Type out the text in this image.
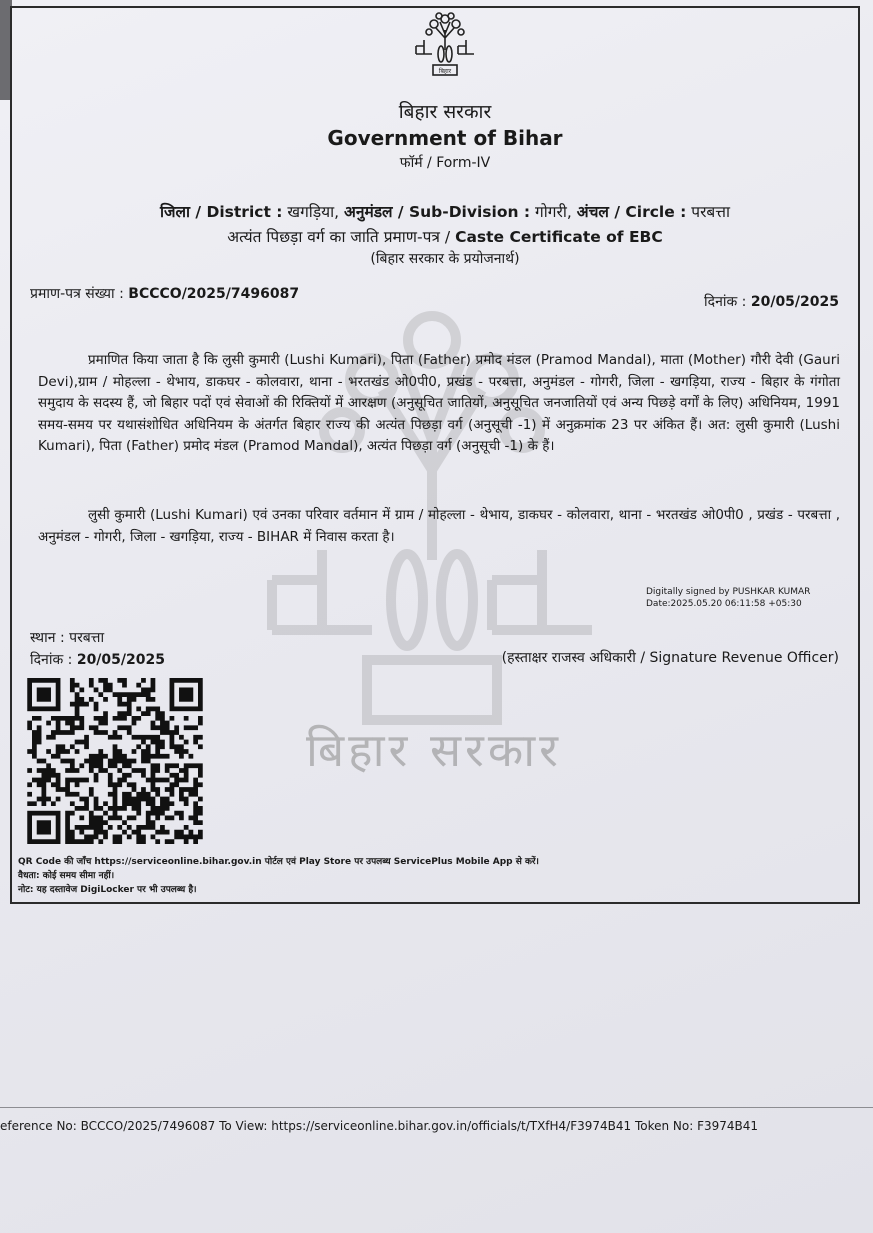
बिहार
बिहार सरकार
बिहार सरकार
Government of Bihar
फॉर्म / Form-IV
जिला / District : खगड़िया, अनुमंडल / Sub-Division : गोगरी, अंचल / Circle : परबत्ता
अत्यंत पिछड़ा वर्ग का जाति प्रमाण-पत्र / Caste Certificate of EBC
(बिहार सरकार के प्रयोजनार्थ)
प्रमाण-पत्र संख्या : BCCCO/2025/7496087	दिनांक : 20/05/2025
प्रमाणित किया जाता है कि लुसी कुमारी (Lushi Kumari), पिता (Father) प्रमोद मंडल (Pramod Mandal), माता (Mother) गौरी देवी (Gauri Devi),ग्राम / मोहल्ला - थेभाय, डाकघर - कोलवारा, थाना - भरतखंड ओ0पी0, प्रखंड - परबत्ता, अनुमंडल - गोगरी, जिला - खगड़िया, राज्य - बिहार के गंगोता समुदाय के सदस्य हैं, जो बिहार पदों एवं सेवाओं की रिक्तियों में आरक्षण (अनुसूचित जातियों, अनुसूचित जनजातियों एवं अन्य पिछड़े वर्गों के लिए) अधिनियम, 1991 समय-समय पर यथासंशोधित अधिनियम के अंतर्गत बिहार राज्य की अत्यंत पिछड़ा वर्ग (अनुसूची -1) में अनुक्रमांक 23 पर अंकित हैं। अत: लुसी कुमारी (Lushi Kumari), पिता (Father) प्रमोद मंडल (Pramod Mandal), अत्यंत पिछड़ा वर्ग (अनुसूची -1) के हैं।
लुसी कुमारी (Lushi Kumari) एवं उनका परिवार वर्तमान में ग्राम / मोहल्ला - थेभाय, डाकघर - कोलवारा, थाना - भरतखंड ओ0पी0 , प्रखंड - परबत्ता , अनुमंडल - गोगरी, जिला - खगड़िया, राज्य - BIHAR में निवास करता है।
Digitally signed by PUSHKAR KUMAR
Date:2025.05.20 06:11:58 +05:30
स्थान : परबत्ता
दिनांक : 20/05/2025	(हस्ताक्षर राजस्व अधिकारी / Signature Revenue Officer)
QR Code की जाँच https://serviceonline.bihar.gov.in पोर्टल एवं Play Store पर उपलब्ध ServicePlus Mobile App से करें।
वैधता: कोई समय सीमा नहीं।
नोट: यह दस्तावेज DigiLocker पर भी उपलब्ध है।
eference No: BCCCO/2025/7496087 To View: https://serviceonline.bihar.gov.in/officials/t/TXfH4/F3974B41 Token No: F3974B41
